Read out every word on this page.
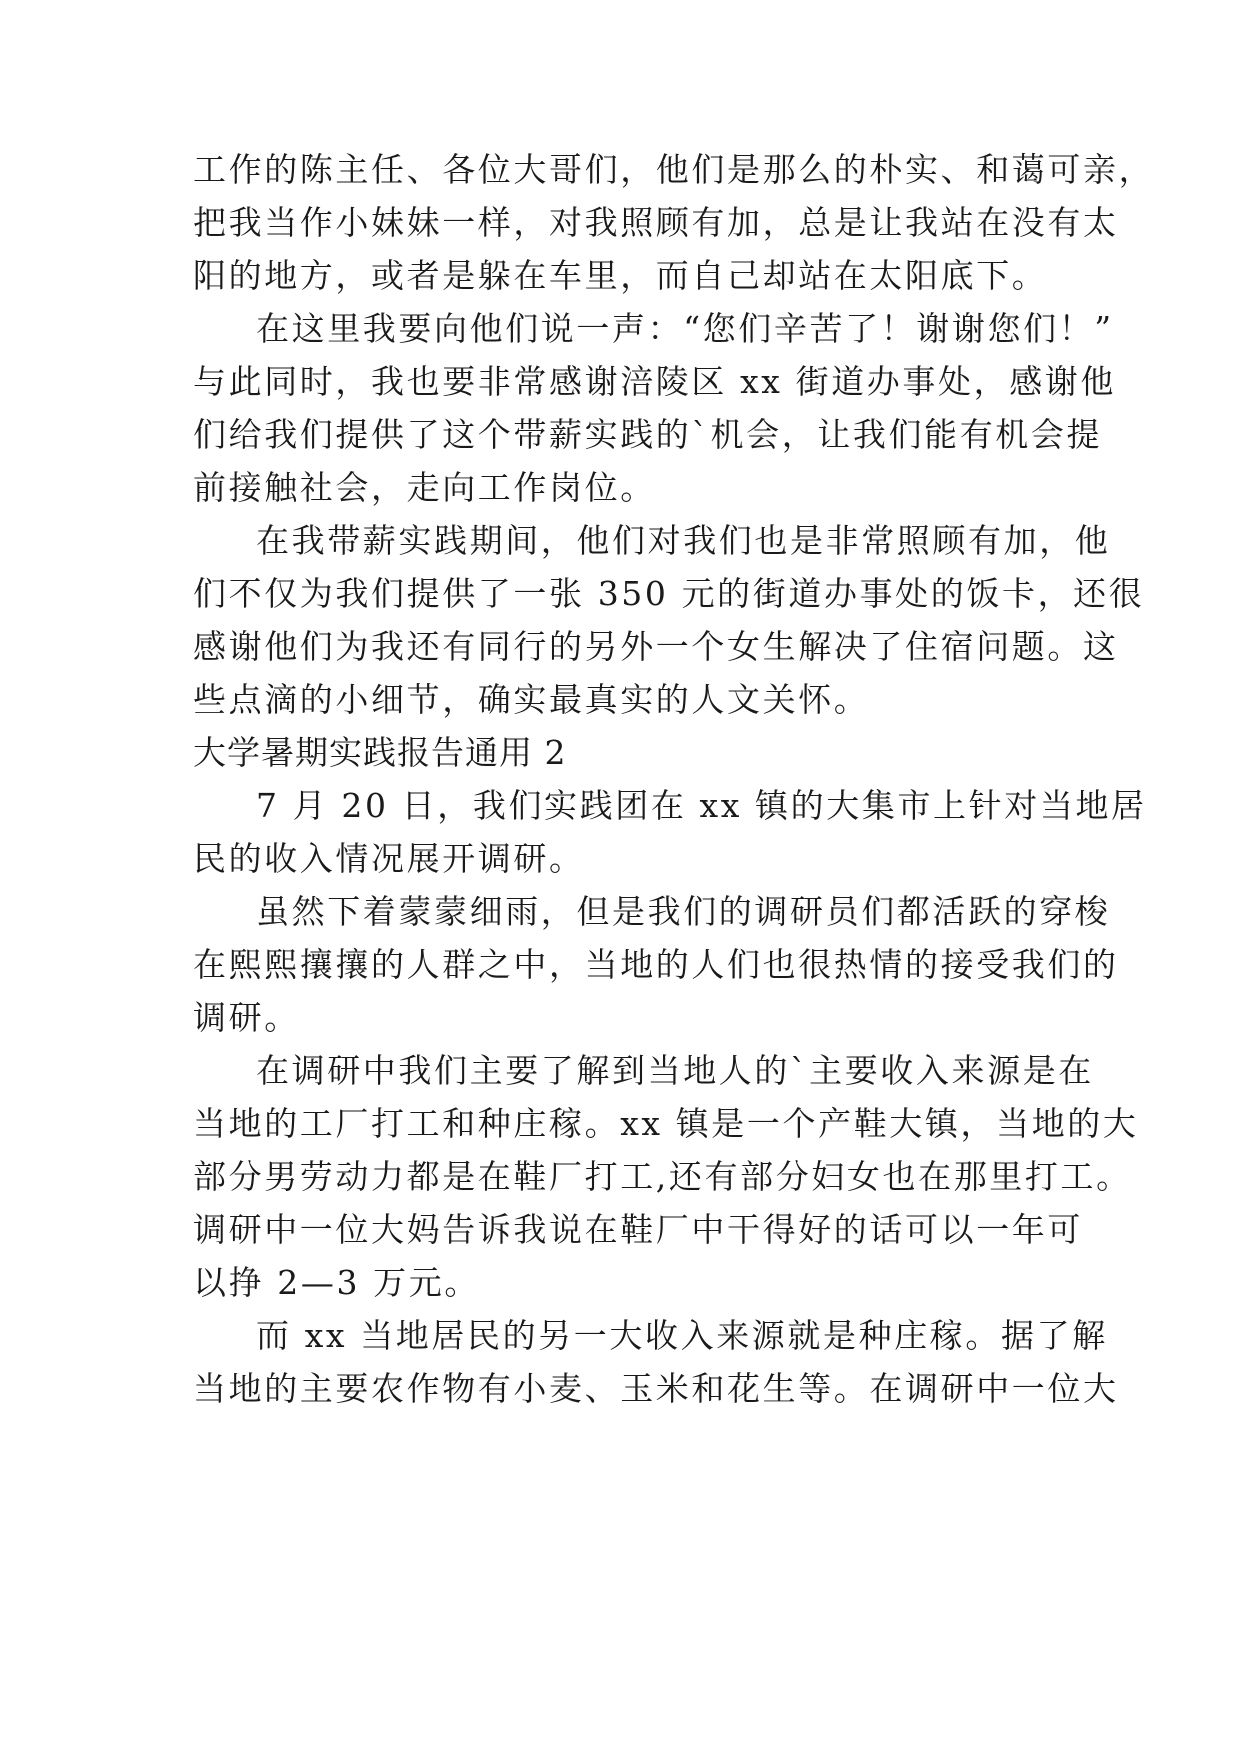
工作的陈主任、各位大哥们，他们是那么的朴实、和蔼可亲，
把我当作小妹妹一样，对我照顾有加，总是让我站在没有太
阳的地方，或者是躲在车里，而自己却站在太阳底下。
在这里我要向他们说一声：“您们辛苦了！谢谢您们！”
与此同时，我也要非常感谢涪陵区 xx 街道办事处，感谢他
们给我们提供了这个带薪实践的`机会，让我们能有机会提
前接触社会，走向工作岗位。
在我带薪实践期间，他们对我们也是非常照顾有加，他
们不仅为我们提供了一张 350 元的街道办事处的饭卡，还很
感谢他们为我还有同行的另外一个女生解决了住宿问题。这
些点滴的小细节，确实最真实的人文关怀。
大学暑期实践报告通用 2
7 月 20 日，我们实践团在 xx 镇的大集市上针对当地居
民的收入情况展开调研。
虽然下着蒙蒙细雨，但是我们的调研员们都活跃的穿梭
在熙熙攘攘的人群之中，当地的人们也很热情的接受我们的
调研。
在调研中我们主要了解到当地人的`主要收入来源是在
当地的工厂打工和种庄稼。xx 镇是一个产鞋大镇，当地的大
部分男劳动力都是在鞋厂打工,还有部分妇女也在那里打工。
调研中一位大妈告诉我说在鞋厂中干得好的话可以一年可
以挣 2—3 万元。
而 xx 当地居民的另一大收入来源就是种庄稼。据了解
当地的主要农作物有小麦、玉米和花生等。在调研中一位大
